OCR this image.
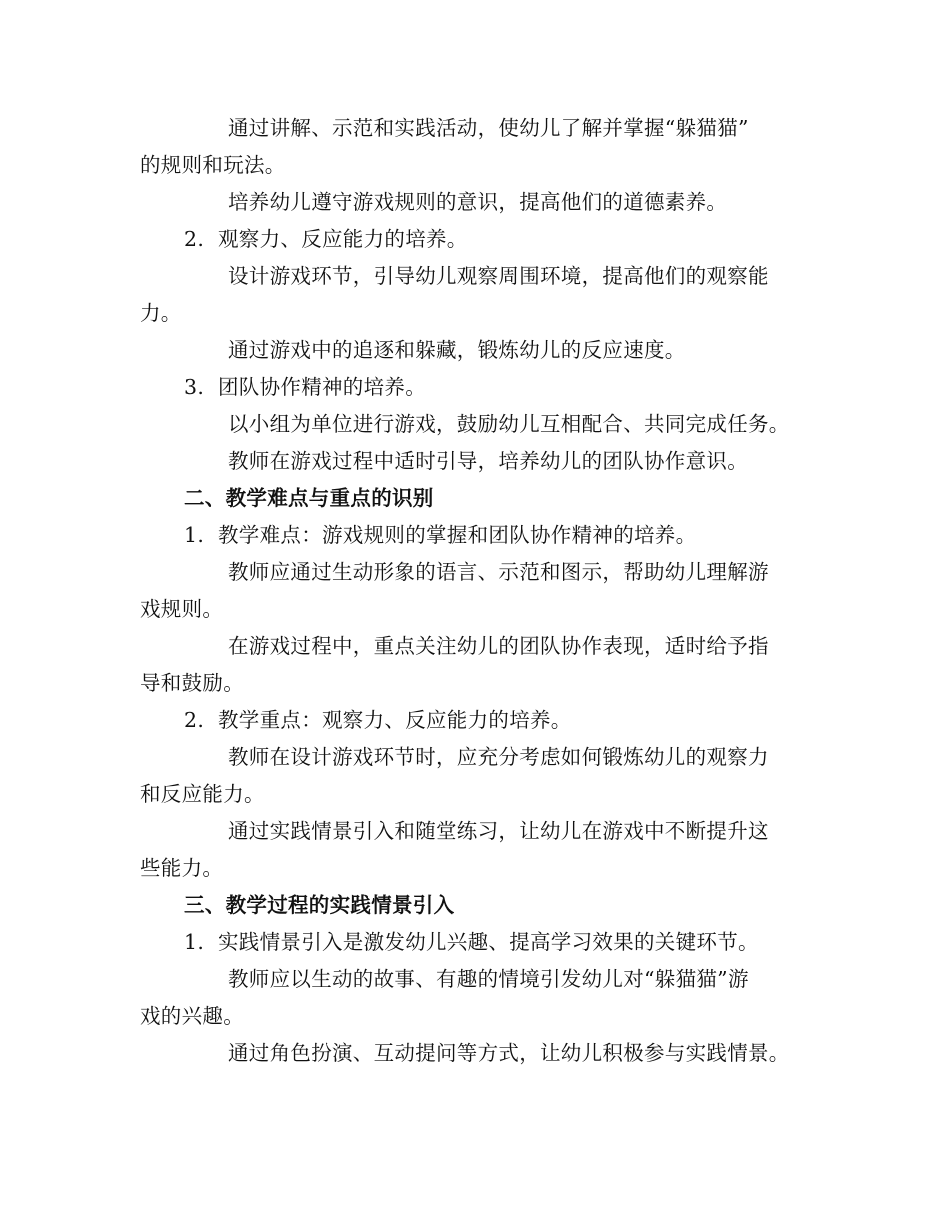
通过讲解、示范和实践活动，使幼儿了解并掌握“躲猫猫”
的规则和玩法。
培养幼儿遵守游戏规则的意识，提高他们的道德素养。
2. 观察力、反应能力的培养。
设计游戏环节，引导幼儿观察周围环境，提高他们的观察能
力。
通过游戏中的追逐和躲藏，锻炼幼儿的反应速度。
3. 团队协作精神的培养。
以小组为单位进行游戏，鼓励幼儿互相配合、共同完成任务。
教师在游戏过程中适时引导，培养幼儿的团队协作意识。
二、教学难点与重点的识别
1. 教学难点：游戏规则的掌握和团队协作精神的培养。
教师应通过生动形象的语言、示范和图示，帮助幼儿理解游
戏规则。
在游戏过程中，重点关注幼儿的团队协作表现，适时给予指
导和鼓励。
2. 教学重点：观察力、反应能力的培养。
教师在设计游戏环节时，应充分考虑如何锻炼幼儿的观察力
和反应能力。
通过实践情景引入和随堂练习，让幼儿在游戏中不断提升这
些能力。
三、教学过程的实践情景引入
1. 实践情景引入是激发幼儿兴趣、提高学习效果的关键环节。
教师应以生动的故事、有趣的情境引发幼儿对“躲猫猫”游
戏的兴趣。
通过角色扮演、互动提问等方式，让幼儿积极参与实践情景。
